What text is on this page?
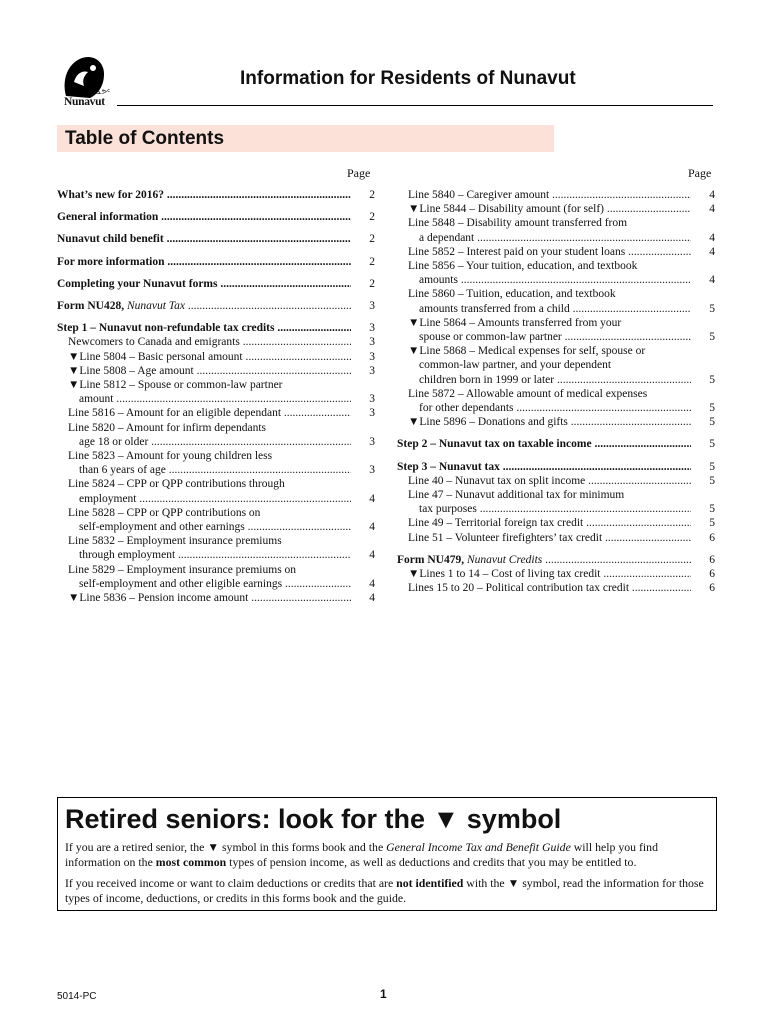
ᓄᓇᕗᑦ
Nunavut
Information for Residents of Nunavut
Table of Contents
Page	Page
What’s new for 2016? .....	2
General information .....	2
Nunavut child benefit .....	2
For more information .....	2
Completing your Nunavut forms .....	2
Form NU428, Nunavut Tax .....	3
Step 1 – Nunavut non-refundable tax credits .....	3
Newcomers to Canada and emigrants .....	3
▼Line 5804 – Basic personal amount .....	3
▼Line 5808 – Age amount .....	3
▼Line 5812 – Spouse or common-law partner
amount .....	3
Line 5816 – Amount for an eligible dependant .....	3
Line 5820 – Amount for infirm dependants
age 18 or older .....	3
Line 5823 – Amount for young children less
than 6 years of age .....	3
Line 5824 – CPP or QPP contributions through
employment .....	4
Line 5828 – CPP or QPP contributions on
self-employment and other earnings .....	4
Line 5832 – Employment insurance premiums
through employment .....	4
Line 5829 – Employment insurance premiums on
self-employment and other eligible earnings .....	4
▼Line 5836 – Pension income amount .....	4
Line 5840 – Caregiver amount .....	4
▼Line 5844 – Disability amount (for self) .....	4
Line 5848 – Disability amount transferred from
a dependant .....	4
Line 5852 – Interest paid on your student loans .....	4
Line 5856 – Your tuition, education, and textbook
amounts .....	4
Line 5860 – Tuition, education, and textbook
amounts transferred from a child .....	5
▼Line 5864 – Amounts transferred from your
spouse or common-law partner .....	5
▼Line 5868 – Medical expenses for self, spouse or
common-law partner, and your dependent
children born in 1999 or later .....	5
Line 5872 – Allowable amount of medical expenses
for other dependants .....	5
▼Line 5896 – Donations and gifts .....	5
Step 2 – Nunavut tax on taxable income .....	5
Step 3 – Nunavut tax .....	5
Line 40 – Nunavut tax on split income .....	5
Line 47 – Nunavut additional tax for minimum
tax purposes .....	5
Line 49 – Territorial foreign tax credit .....	5
Line 51 – Volunteer firefighters’ tax credit .....	6
Form NU479, Nunavut Credits .....	6
▼Lines 1 to 14 – Cost of living tax credit .....	6
Lines 15 to 20 – Political contribution tax credit .....	6
Retired seniors: look for the ▼ symbol
If you are a retired senior, the ▼ symbol in this forms book and the General Income Tax and Benefit Guide will help you find information on the most common types of pension income, as well as deductions and credits that you may be entitled to.
If you received income or want to claim deductions or credits that are not identified with the ▼ symbol, read the information for those types of income, deductions, or credits in this forms book and the guide.
5014-PC	1
